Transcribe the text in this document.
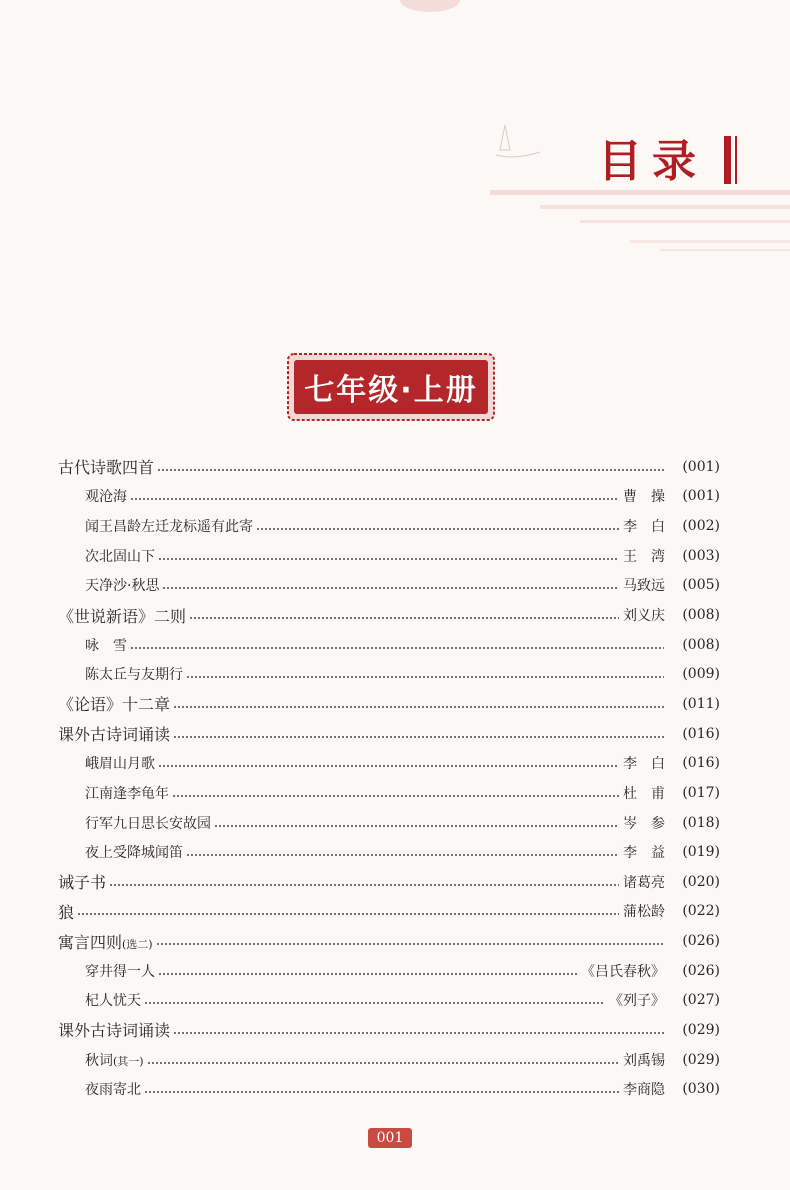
目录
七年级·上册
古代诗歌四首	(001)
观沧海	曹　操	(001)
闻王昌龄左迁龙标遥有此寄	李　白	(002)
次北固山下	王　湾	(003)
天净沙·秋思	马致远	(005)
《世说新语》二则	刘义庆	(008)
咏　雪	(008)
陈太丘与友期行	(009)
《论语》十二章	(011)
课外古诗词诵读	(016)
峨眉山月歌	李　白	(016)
江南逢李龟年	杜　甫	(017)
行军九日思长安故园	岑　参	(018)
夜上受降城闻笛	李　益	(019)
诫子书	诸葛亮	(020)
狼	蒲松龄	(022)
寓言四则(选二)	(026)
穿井得一人	《吕氏春秋》	(026)
杞人忧天	《列子》	(027)
课外古诗词诵读	(029)
秋词(其一)	刘禹锡	(029)
夜雨寄北	李商隐	(030)
001
